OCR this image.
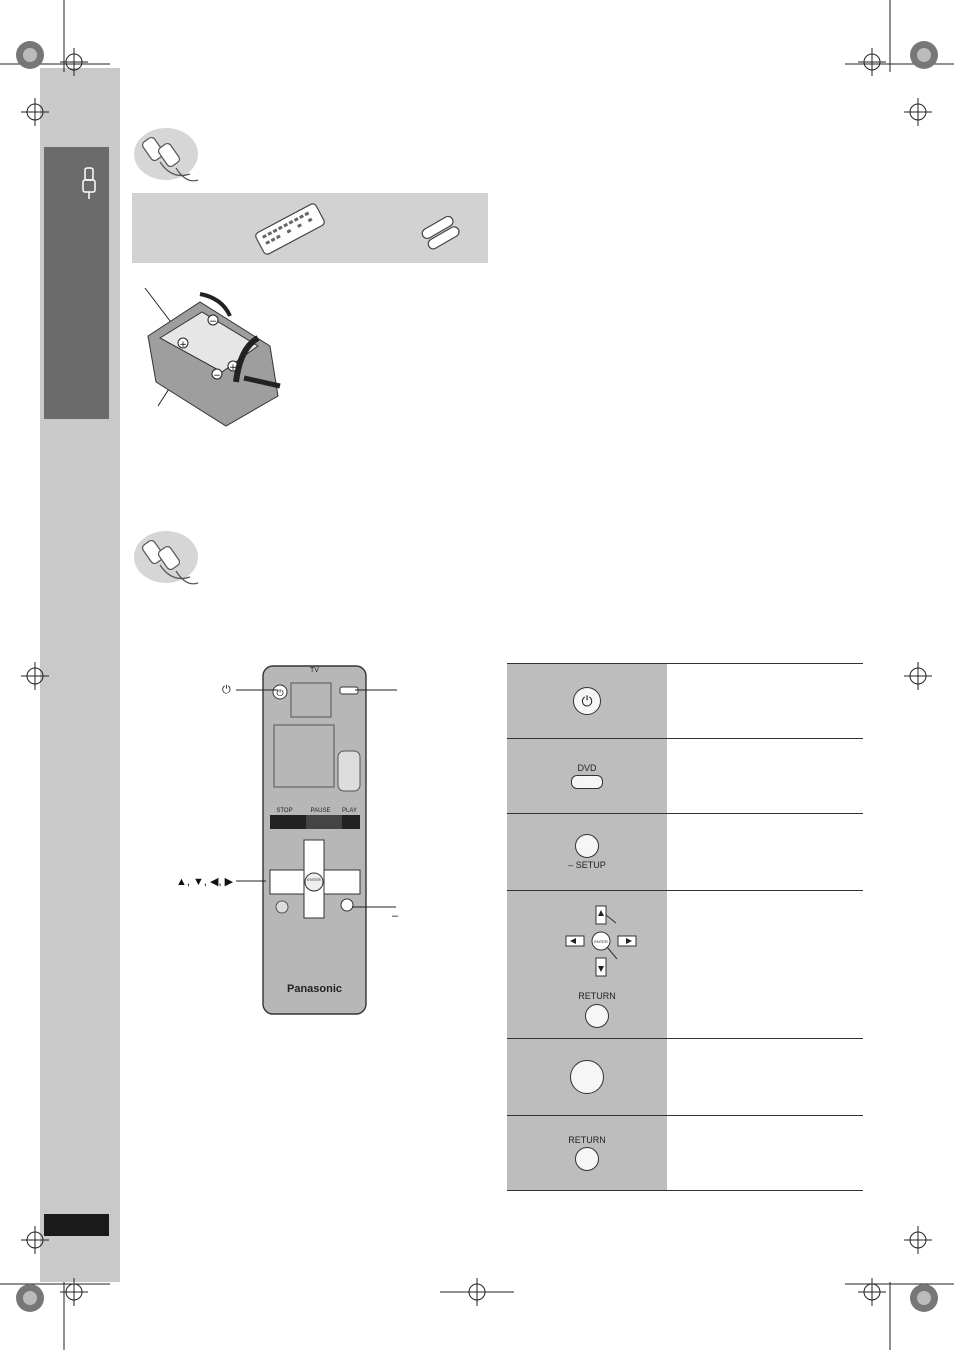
+
−
−
+
⏻
Panasonic
TV
STOP	PAUSE	PLAY
ENTER
⏻
▲, ▼, ◀, ▶
–
⏻
DVD
– SETUP
ENTER
RETURN
RETURN
